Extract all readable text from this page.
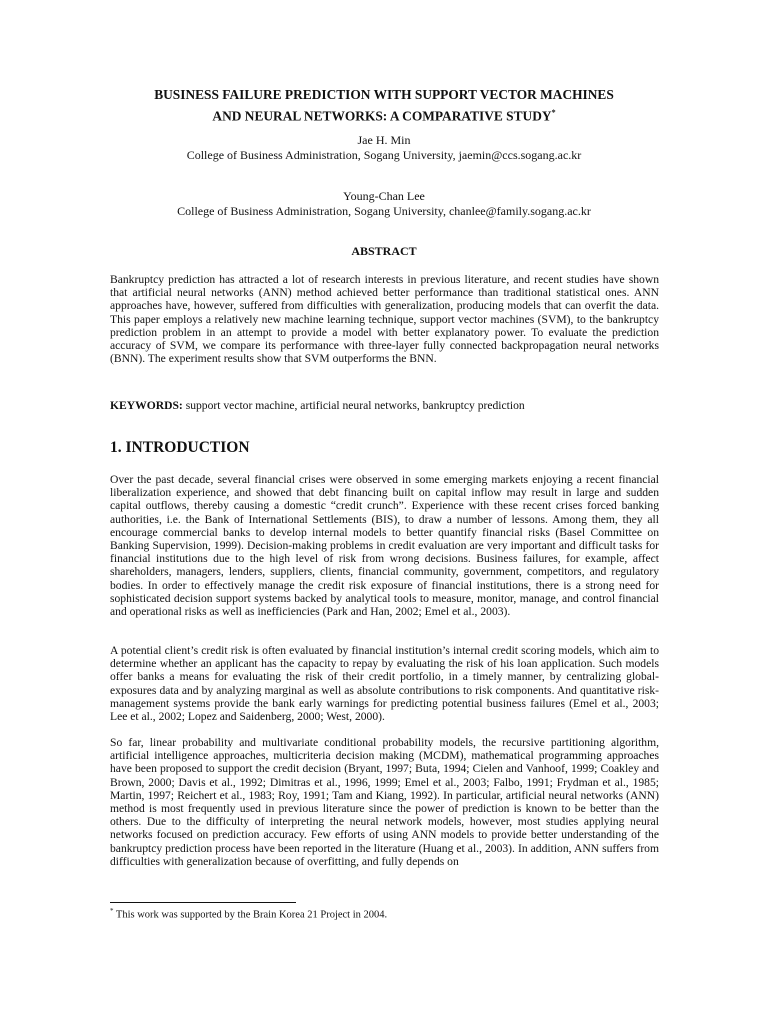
BUSINESS FAILURE PREDICTION WITH SUPPORT VECTOR MACHINES
AND NEURAL NETWORKS: A COMPARATIVE STUDY*
Jae H. Min
College of Business Administration, Sogang University, jaemin@ccs.sogang.ac.kr
Young-Chan Lee
College of Business Administration, Sogang University, chanlee@family.sogang.ac.kr
ABSTRACT

Bankruptcy prediction has attracted a lot of research interests in previous literature, and recent studies have shown that artificial neural networks (ANN) method achieved better performance than traditional statistical ones. ANN approaches have, however, suffered from difficulties with generalization, producing models that can overfit the data. This paper employs a relatively new machine learning technique, support vector machines (SVM), to the bankruptcy prediction problem in an attempt to provide a model with better explanatory power. To evaluate the prediction accuracy of SVM, we compare its performance with three-layer fully connected backpropagation neural networks (BNN). The experiment results show that SVM outperforms the BNN.

KEYWORDS: support vector machine, artificial neural networks, bankruptcy prediction

1. INTRODUCTION

Over the past decade, several financial crises were observed in some emerging markets enjoying a recent financial liberalization experience, and showed that debt financing built on capital inflow may result in large and sudden capital outflows, thereby causing a domestic “credit crunch”. Experience with these recent crises forced banking authorities, i.e. the Bank of International Settlements (BIS), to draw a number of lessons. Among them, they all encourage commercial banks to develop internal models to better quantify financial risks (Basel Committee on Banking Supervision, 1999). Decision-making problems in credit evaluation are very important and difficult tasks for financial institutions due to the high level of risk from wrong decisions. Business failures, for example, affect shareholders, managers, lenders, suppliers, clients, financial community, government, competitors, and regulatory bodies. In order to effectively manage the credit risk exposure of financial institutions, there is a strong need for sophisticated decision support systems backed by analytical tools to measure, monitor, manage, and control financial and operational risks as well as inefficiencies (Park and Han, 2002; Emel et al., 2003).

A potential client’s credit risk is often evaluated by financial institution’s internal credit scoring models, which aim to determine whether an applicant has the capacity to repay by evaluating the risk of his loan application. Such models offer banks a means for evaluating the risk of their credit portfolio, in a timely manner, by centralizing global-exposures data and by analyzing marginal as well as absolute contributions to risk components. And quantitative risk-management systems provide the bank early warnings for predicting potential business failures (Emel et al., 2003; Lee et al., 2002; Lopez and Saidenberg, 2000; West, 2000).

So far, linear probability and multivariate conditional probability models, the recursive partitioning algorithm, artificial intelligence approaches, multicriteria decision making (MCDM), mathematical programming approaches have been proposed to support the credit decision (Bryant, 1997; Buta, 1994; Cielen and Vanhoof, 1999; Coakley and Brown, 2000; Davis et al., 1992; Dimitras et al., 1996, 1999; Emel et al., 2003; Falbo, 1991; Frydman et al., 1985; Martin, 1997; Reichert et al., 1983; Roy, 1991; Tam and Kiang, 1992). In particular, artificial neural networks (ANN) method is most frequently used in previous literature since the power of prediction is known to be better than the others. Due to the difficulty of interpreting the neural network models, however, most studies applying neural networks focused on prediction accuracy. Few efforts of using ANN models to provide better understanding of the bankruptcy prediction process have been reported in the literature (Huang et al., 2003). In addition, ANN suffers from difficulties with generalization because of overfitting, and fully depends on

* This work was supported by the Brain Korea 21 Project in 2004.
